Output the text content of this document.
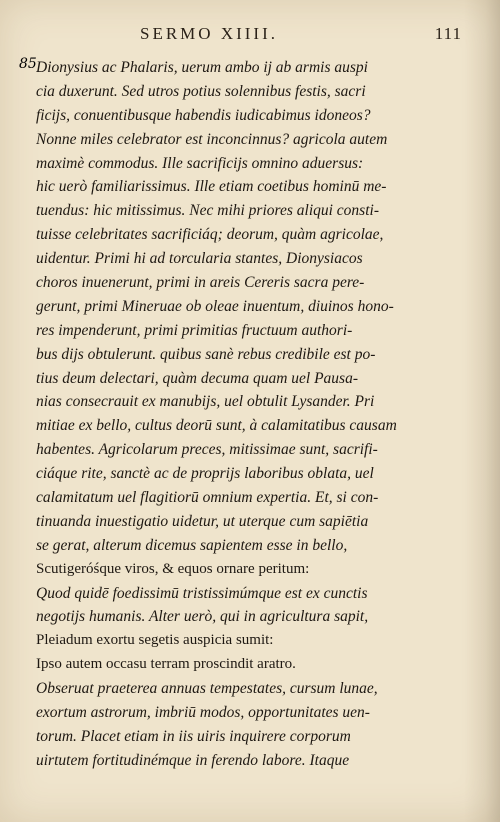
SERMO XIIII.	111
85 Dionysius ac Phalaris, uerum ambo ij ab armis auspi
cia duxerunt. Sed utros potius solennibus festis, sacri
ficijs, conuentibusque habendis iudicabimus idoneos?
Nonne miles celebrator est inconcinnus? agricola autem
maximè commodus. Ille sacrificijs omnino aduersus:
hic uerò familiarissimus. Ille etiam coetibus hominū me-
tuendus: hic mitissimus. Nec mihi priores aliqui consti-
tuisse celebritates sacrificiáq; deorum, quàm agricolae,
uidentur. Primi hi ad torcularia stantes, Dionysiacos
choros inuenerunt, primi in areis Cereris sacra pere-
gerunt, primi Mineruae ob oleae inuentum, diuinos hono-
res impenderunt, primi primitias fructuum authori-
bus dijs obtulerunt. quibus sanè rebus credibile est po-
tius deum delectari, quàm decuma quam uel Pausa-
nias consecrauit ex manubijs, uel obtulit Lysander. Pri
mitiae ex bello, cultus deorū sunt, à calamitatibus causam
habentes. Agricolarum preces, mitissimae sunt, sacrifi-
ciáque rite, sanctè ac de proprijs laboribus oblata, uel
calamitatum uel flagitiorū omnium expertia. Et, si con-
tinuanda inuestigatio uidetur, ut uterque cum sapiētia
se gerat, alterum dicemus sapientem esse in bello,
Scutigeróśque viros, & equos ornare peritum:
Quod quidē foedissimū tristissimúmque est ex cunctis
negotijs humanis. Alter uerò, qui in agricultura sapit,
Pleiadum exortu segetis auspicia sumit:
Ipso autem occasu terram proscindit aratro.
Obseruat praeterea annuas tempestates, cursum lunae,
exortum astrorum, imbriū modos, opportunitates uen-
torum. Placet etiam in iis uiris inquirere corporum
uirtutem fortitudinémque in ferendo labore. Itaque
